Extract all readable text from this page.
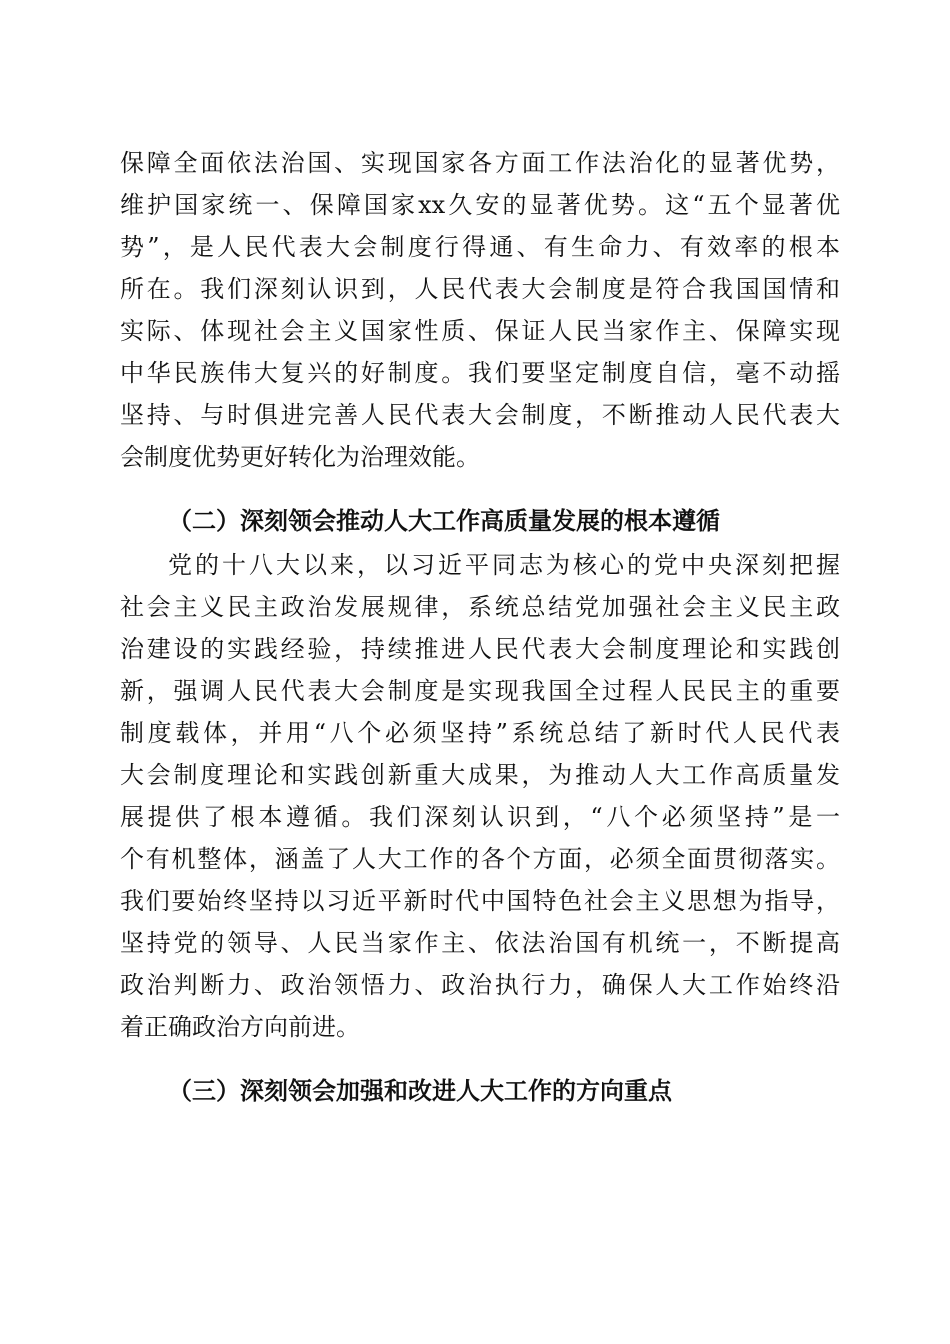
保障全面依法治国、实现国家各方面工作法治化的显著优势，
维护国家统一、保障国家xx久安的显著优势。这“五个显著优
势”，是人民代表大会制度行得通、有生命力、有效率的根本
所在。我们深刻认识到，人民代表大会制度是符合我国国情和
实际、体现社会主义国家性质、保证人民当家作主、保障实现
中华民族伟大复兴的好制度。我们要坚定制度自信，毫不动摇
坚持、与时俱进完善人民代表大会制度，不断推动人民代表大
会制度优势更好转化为治理效能。
（二）深刻领会推动人大工作高质量发展的根本遵循
党的十八大以来，以习近平同志为核心的党中央深刻把握
社会主义民主政治发展规律，系统总结党加强社会主义民主政
治建设的实践经验，持续推进人民代表大会制度理论和实践创
新，强调人民代表大会制度是实现我国全过程人民民主的重要
制度载体，并用“八个必须坚持”系统总结了新时代人民代表
大会制度理论和实践创新重大成果，为推动人大工作高质量发
展提供了根本遵循。我们深刻认识到，“八个必须坚持”是一
个有机整体，涵盖了人大工作的各个方面，必须全面贯彻落实。
我们要始终坚持以习近平新时代中国特色社会主义思想为指导，
坚持党的领导、人民当家作主、依法治国有机统一，不断提高
政治判断力、政治领悟力、政治执行力，确保人大工作始终沿
着正确政治方向前进。
（三）深刻领会加强和改进人大工作的方向重点
